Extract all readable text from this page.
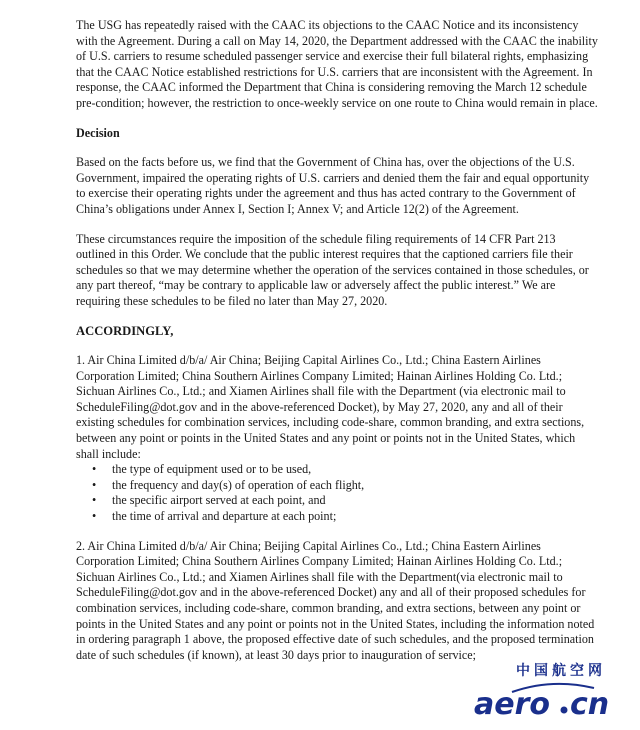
The USG has repeatedly raised with the CAAC its objections to the CAAC Notice and its inconsistency with the Agreement. During a call on May 14, 2020, the Department addressed with the CAAC the inability of U.S. carriers to resume scheduled passenger service and exercise their full bilateral rights, emphasizing that the CAAC Notice established restrictions for U.S. carriers that are inconsistent with the Agreement. In response, the CAAC informed the Department that China is considering removing the March 12 schedule pre-condition; however, the restriction to once-weekly service on one route to China would remain in place.

Decision

Based on the facts before us, we find that the Government of China has, over the objections of the U.S. Government, impaired the operating rights of U.S. carriers and denied them the fair and equal opportunity to exercise their operating rights under the agreement and thus has acted contrary to the Government of China’s obligations under Annex I, Section I; Annex V; and Article 12(2) of the Agreement.

These circumstances require the imposition of the schedule filing requirements of 14 CFR Part 213 outlined in this Order. We conclude that the public interest requires that the captioned carriers file their schedules so that we may determine whether the operation of the services contained in those schedules, or any part thereof, “may be contrary to applicable law or adversely affect the public interest.” We are requiring these schedules to be filed no later than May 27, 2020.

ACCORDINGLY,

1. Air China Limited d/b/a/ Air China; Beijing Capital Airlines Co., Ltd.; China Eastern Airlines Corporation Limited; China Southern Airlines Company Limited; Hainan Airlines Holding Co. Ltd.; Sichuan Airlines Co., Ltd.; and Xiamen Airlines shall file with the Department (via electronic mail to ScheduleFiling@dot.gov and in the above-referenced Docket), by May 27, 2020, any and all of their existing schedules for combination services, including code-share, common branding, and extra sections, between any point or points in the United States and any point or points not in the United States, which shall include:
• the type of equipment used or to be used,
• the frequency and day(s) of operation of each flight,
• the specific airport served at each point, and
• the time of arrival and departure at each point;

2. Air China Limited d/b/a/ Air China; Beijing Capital Airlines Co., Ltd.; China Eastern Airlines Corporation Limited; China Southern Airlines Company Limited; Hainan Airlines Holding Co. Ltd.; Sichuan Airlines Co., Ltd.; and Xiamen Airlines shall file with the Department(via electronic mail to ScheduleFiling@dot.gov and in the above-referenced Docket) any and all of their proposed schedules for combination services, including code-share, common branding, and extra sections, between any point or points in the United States and any point or points not in the United States, including the information noted in ordering paragraph 1 above, the proposed effective date of such schedules, and the proposed termination date of such schedules (if known), at least 30 days prior to inauguration of service;

中国航空网
aero cn
